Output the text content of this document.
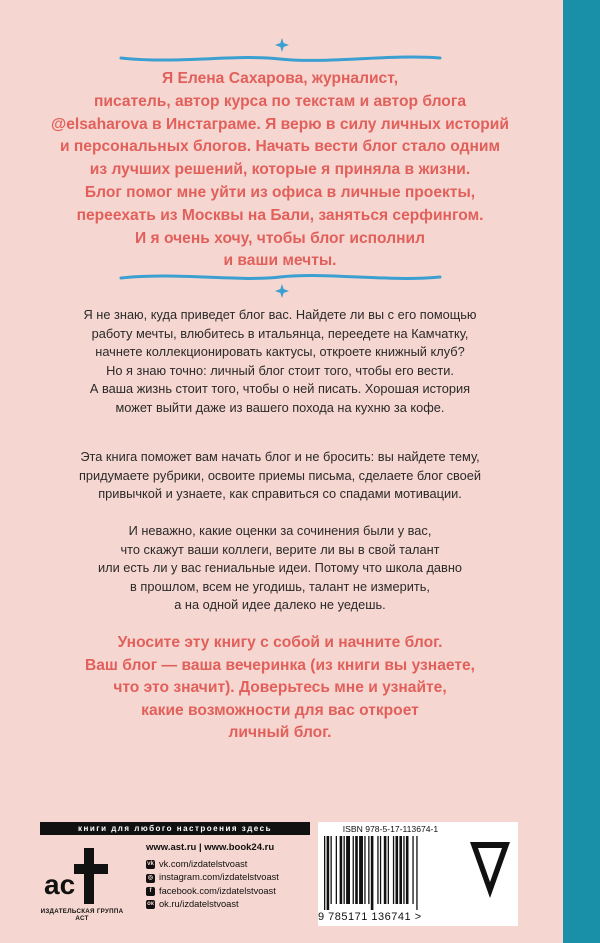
Я Елена Сахарова, журналист,
писатель, автор курса по текстам и автор блога
@elsaharova в Инстаграме. Я верю в силу личных историй
и персональных блогов. Начать вести блог стало одним
из лучших решений, которые я приняла в жизни.
Блог помог мне уйти из офиса в личные проекты,
переехать из Москвы на Бали, заняться серфингом.
И я очень хочу, чтобы блог исполнил
и ваши мечты.
Я не знаю, куда приведет блог вас. Найдете ли вы с его помощью
работу мечты, влюбитесь в итальянца, переедете на Камчатку,
начнете коллекционировать кактусы, откроете книжный клуб?
Но я знаю точно: личный блог стоит того, чтобы его вести.
А ваша жизнь стоит того, чтобы о ней писать. Хорошая история
может выйти даже из вашего похода на кухню за кофе.
Эта книга поможет вам начать блог и не бросить: вы найдете тему,
придумаете рубрики, освоите приемы письма, сделаете блог своей
привычкой и узнаете, как справиться со спадами мотивации.
И неважно, какие оценки за сочинения были у вас,
что скажут ваши коллеги, верите ли вы в свой талант
или есть ли у вас гениальные идеи. Потому что школа давно
в прошлом, всем не угодишь, талант не измерить,
а на одной идее далеко не уедешь.
Уносите эту книгу с собой и начните блог.
Ваш блог — ваша вечеринка (из книги вы узнаете,
что это значит). Доверьтесь мне и узнайте,
какие возможности для вас откроет
личный блог.
книги для любого настроения здесь
ac
ИЗДАТЕЛЬСКАЯ ГРУППА АСТ
www.ast.ru | www.book24.ru
vk vk.com/izdatelstvoast
◎ instagram.com/izdatelstvoast
f facebook.com/izdatelstvoast
ок ok.ru/izdatelstvoast
ISBN 978-5-17-113674-1
9 785171 136741 >
